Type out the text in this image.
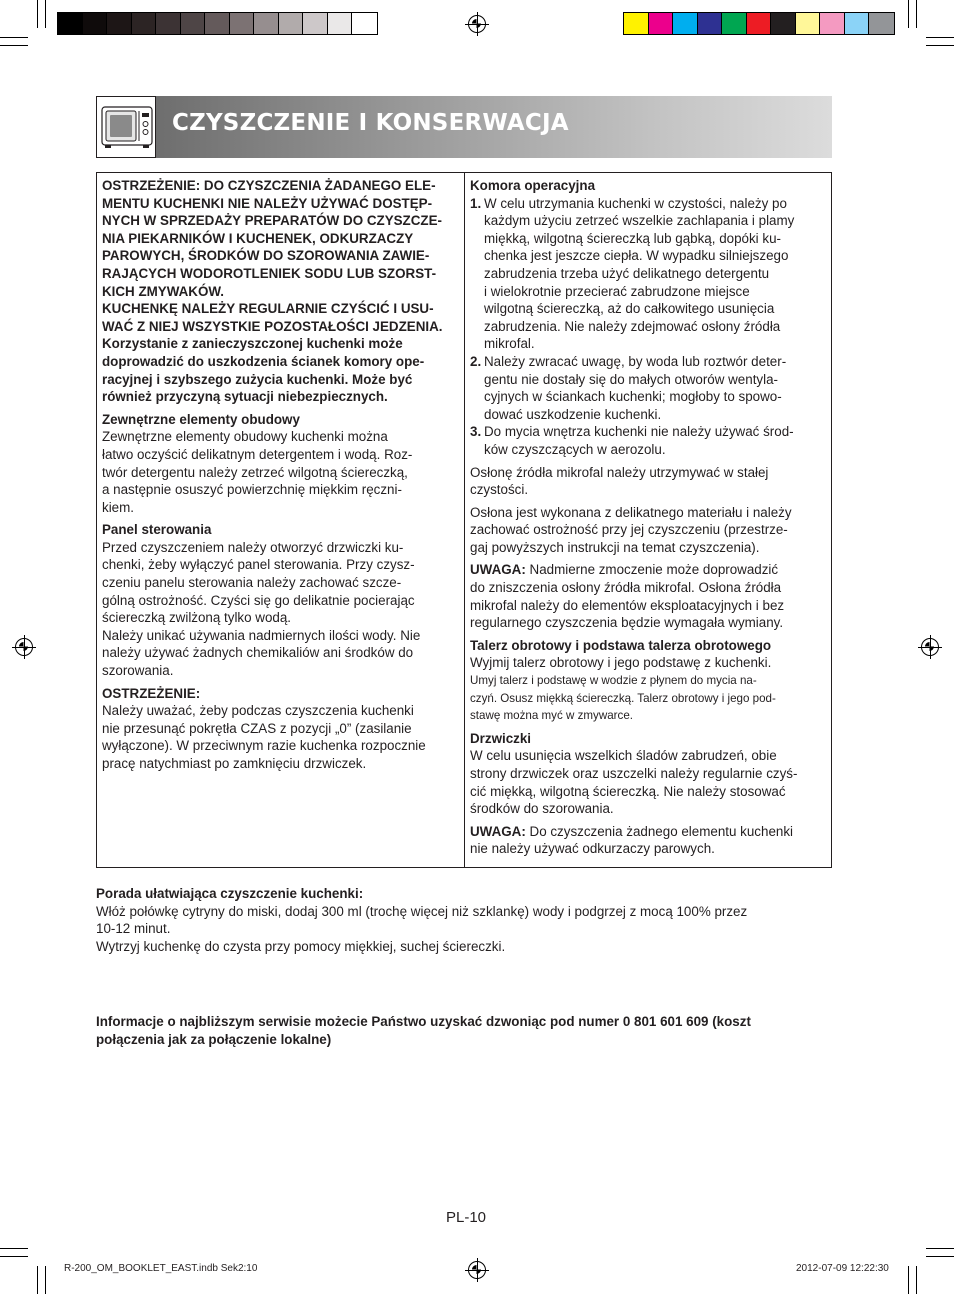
CZYSZCZENIE I KONSERWACJA

OSTRZEŻENIE: DO CZYSZCZENIA ŻADANEGO ELE-

MENTU KUCHENKI NIE NALEŻY UŻYWAĆ DOSTĘP-

NYCH W SPRZEDAŻY PREPARATÓW DO CZYSZCZE-

NIA PIEKARNIKÓW I KUCHENEK, ODKURZACZY

PAROWYCH, ŚRODKÓW DO SZOROWANIA ZAWIE-

RAJĄCYCH WODOROTLENIEK SODU LUB SZORST-

KICH ZMYWAKÓW.

KUCHENKĘ NALEŻY REGULARNIE CZYŚCIĆ I USU-

WAĆ Z NIEJ WSZYSTKIE POZOSTAŁOŚCI JEDZENIA.

Korzystanie z zanieczyszczonej kuchenki może

doprowadzić do uszkodzenia ścianek komory ope-

racyjnej i szybszego zużycia kuchenki. Może być

również przyczyną sytuacji niebezpiecznych.

Zewnętrzne elementy obudowy

Zewnętrzne elementy obudowy kuchenki można

łatwo oczyścić delikatnym detergentem i wodą. Roz-

twór detergentu należy zetrzeć wilgotną ściereczką,

a następnie osuszyć powierzchnię miękkim ręczni-

kiem.

Panel sterowania

Przed czyszczeniem należy otworzyć drzwiczki ku-

chenki, żeby wyłączyć panel sterowania. Przy czysz-

czeniu panelu sterowania należy zachować szcze-

gólną ostrożność. Czyści się go delikatnie pocierając

ściereczką zwilżoną tylko wodą.

Należy unikać używania nadmiernych ilości wody. Nie

należy używać żadnych chemikaliów ani środków do

szorowania.

OSTRZEŻENIE:

Należy uważać, żeby podczas czyszczenia kuchenki

nie przesunąć pokrętła CZAS z pozycji „0” (zasilanie

wyłączone). W przeciwnym razie kuchenka rozpocznie

pracę natychmiast po zamknięciu drzwiczek.

Komora operacyjna
1. W celu utrzymania kuchenki w czystości, należy po

każdym użyciu zetrzeć wszelkie zachlapania i plamy

miękką, wilgotną ściereczką lub gąbką, dopóki ku-

chenka jest jeszcze ciepła. W wypadku silniejszego

zabrudzenia trzeba użyć delikatnego detergentu

i wielokrotnie przecierać zabrudzone miejsce

wilgotną ściereczką, aż do całkowitego usunięcia

zabrudzenia. Nie należy zdejmować osłony źródła

mikrofal.

2. Należy zwracać uwagę, by woda lub roztwór deter-

gentu nie dostały się do małych otworów wentyla-

cyjnych w ściankach kuchenki; mogłoby to spowo-

dować uszkodzenie kuchenki.

3. Do mycia wnętrza kuchenki nie należy używać środ-

ków czyszczących w aerozolu.

Osłonę źródła mikrofal należy utrzymywać w stałej

czystości.

Osłona jest wykonana z delikatnego materiału i należy

zachować ostrożność przy jej czyszczeniu (przestrze-

gaj powyższych instrukcji na temat czyszczenia).

UWAGA: Nadmierne zmoczenie może doprowadzić

do zniszczenia osłony źródła mikrofal. Osłona źródła

mikrofal należy do elementów eksploatacyjnych i bez

regularnego czyszczenia będzie wymagała wymiany.

Talerz obrotowy i podstawa talerza obrotowego

Wyjmij talerz obrotowy i jego podstawę z kuchenki.

Umyj talerz i podstawę w wodzie z płynem do mycia na-

czyń. Osusz miękką ściereczką. Talerz obrotowy i jego pod-

stawę można myć w zmywarce.

Drzwiczki

W celu usunięcia wszelkich śladów zabrudzeń, obie

strony drzwiczek oraz uszczelki należy regularnie czyś-

cić miękką, wilgotną ściereczką. Nie należy stosować

środków do szorowania.

UWAGA: Do czyszczenia żadnego elementu kuchenki

nie należy używać odkurzaczy parowych.

Porada ułatwiająca czyszczenie kuchenki:

Włóż połówkę cytryny do miski, dodaj 300 ml (trochę więcej niż szklankę) wody i podgrzej z mocą 100% przez

10-12 minut.

Wytrzyj kuchenkę do czysta przy pomocy miękkiej, suchej ściereczki.

Informacje o najbliższym serwisie możecie Państwo uzyskać dzwoniąc pod numer 0 801 601 609 (koszt

połączenia jak za połączenie lokalne)

PL-10
R-200_OM_BOOKLET_EAST.indb Sek2:10	2012-07-09 12:22:30
